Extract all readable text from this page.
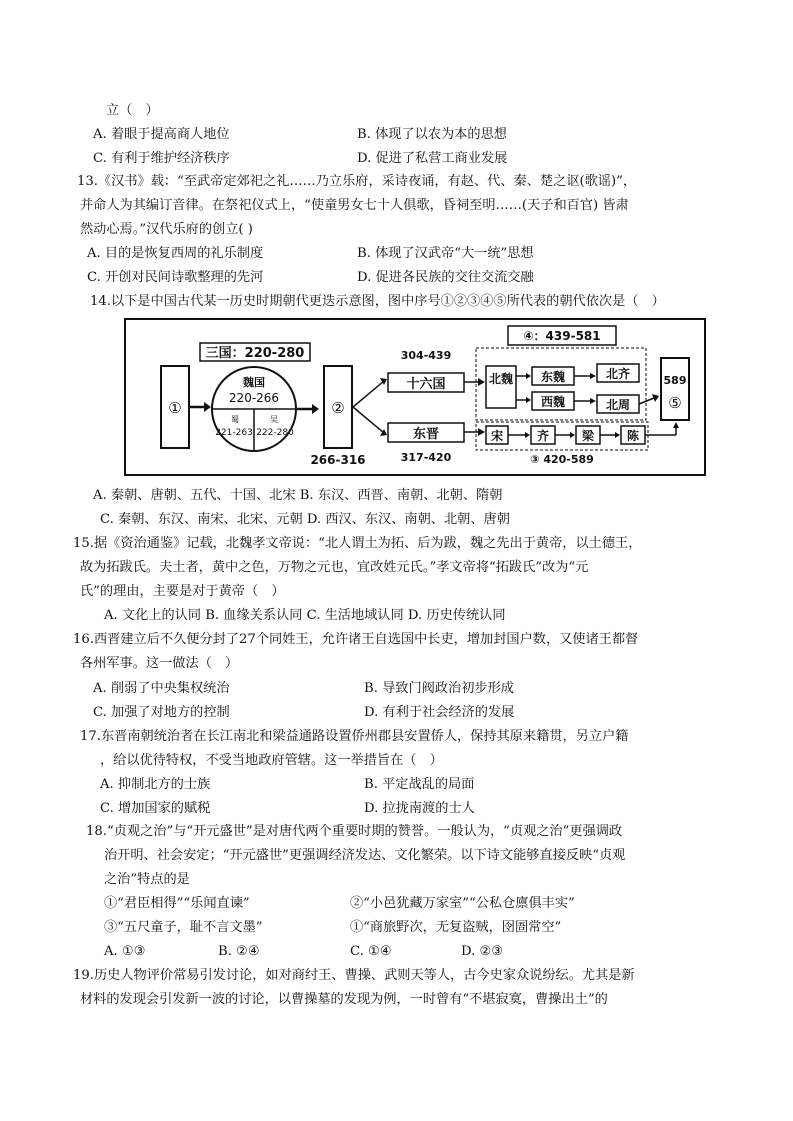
立（　）
A. 着眼于提高商人地位	B. 体现了以农为本的思想
C. 有利于维护经济秩序	D. 促进了私营工商业发展
13.《汉书》载：“至武帝定郊祀之礼……乃立乐府，采诗夜诵，有赵、代、秦、楚之讴(歌谣)”，
并命人为其编订音律。在祭祀仪式上，“使童男女七十人俱歌，昏祠至明……(天子和百官) 皆肃
然动心焉。”汉代乐府的创立( )
A. 目的是恢复西周的礼乐制度	B. 体现了汉武帝“大一统”思想
C. 开创对民间诗歌整理的先河	D. 促进各民族的交往交流交融
14.以下是中国古代某一历史时期朝代更迭示意图，图中序号①②③④⑤所代表的朝代依次是（　）
三国：220-280
①
魏国
220-266
蜀
221-263
吴
222-280
②
266-316
304-439
十六国
东晋
317-420
④：439-581
北魏 东魏
西魏
北齐
北周
宋	齐	梁	陈
③ 420-589
589
⑤
A. 秦朝、唐朝、五代、十国、北宋 B. 东汉、西晋、南朝、北朝、隋朝
C. 秦朝、东汉、南宋、北宋、元朝 D. 西汉、东汉、南朝、北朝、唐朝
15.据《资治通鉴》记载，北魏孝文帝说：“北人谓土为拓、后为跋，魏之先出于黄帝，以土德王，
故为拓跋氏。夫土者，黄中之色，万物之元也，宜改姓元氏。”孝文帝将“拓跋氏”改为“元
氏”的理由，主要是对于黄帝（　）
A. 文化上的认同 B. 血缘关系认同 C. 生活地域认同 D. 历史传统认同
16.西晋建立后不久便分封了27个同姓王，允许诸王自选国中长吏，增加封国户数，又使诸王都督
各州军事。这一做法（　）
A. 削弱了中央集权统治	B. 导致门阀政治初步形成
C. 加强了对地方的控制	D. 有利于社会经济的发展
17.东晋南朝统治者在长江南北和梁益通路设置侨州郡县安置侨人，保持其原来籍贯，另立户籍
，给以优待特权，不受当地政府管辖。这一举措旨在（　）
A. 抑制北方的士族	B. 平定战乱的局面
C. 增加国家的赋税	D. 拉拢南渡的士人
18.“贞观之治”与“开元盛世”是对唐代两个重要时期的赞誉。一般认为，“贞观之治”更强调政
治开明、社会安定；“开元盛世”更强调经济发达、文化繁荣。以下诗文能够直接反映“贞观
之治”特点的是
①“君臣相得”“乐闻直谏”	②“小邑犹藏万家室”“公私仓廪俱丰实”
③“五尺童子，耻不言文墨”	①“商旅野次，无复盗贼，囹圄常空”
A. ①③	B. ②④	C. ①④	D. ②③
19.历史人物评价常易引发讨论，如对商纣王、曹操、武则天等人，古今史家众说纷纭。尤其是新
材料的发现会引发新一波的讨论，以曹操墓的发现为例，一时曾有“不堪寂寞，曹操出土”的
